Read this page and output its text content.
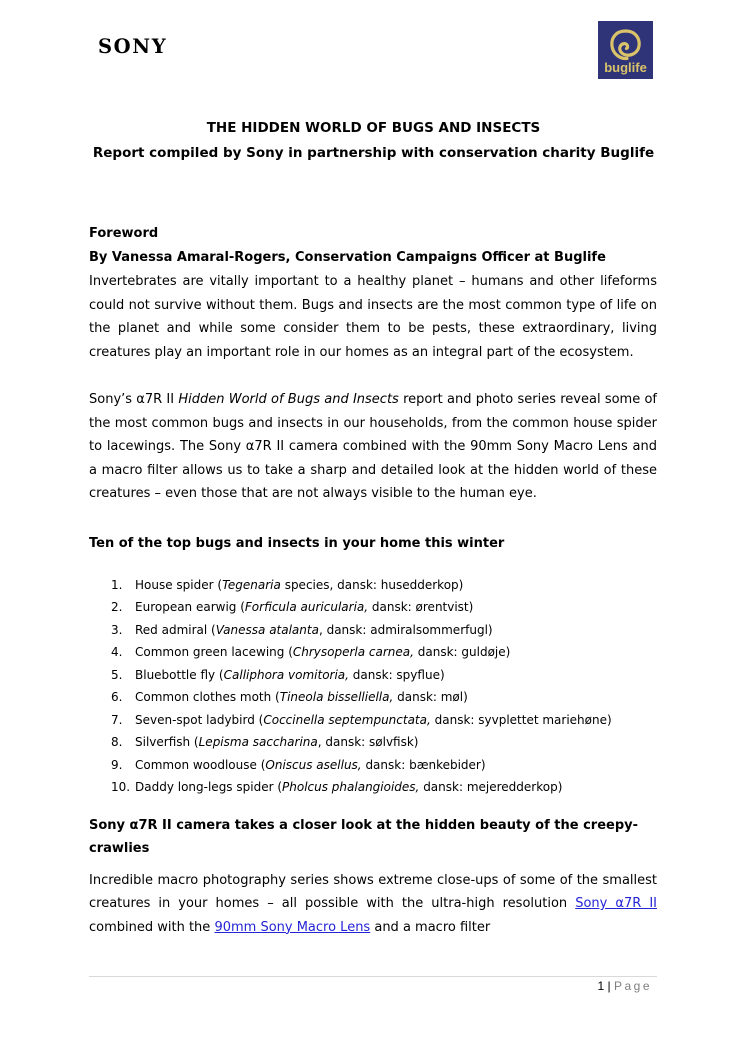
SONY
buglife
THE HIDDEN WORLD OF BUGS AND INSECTS
Report compiled by Sony in partnership with conservation charity Buglife
Foreword
By Vanessa Amaral-Rogers, Conservation Campaigns Officer at Buglife

Invertebrates are vitally important to a healthy planet – humans and other lifeforms could not survive without them. Bugs and insects are the most common type of life on the planet and while some consider them to be pests, these extraordinary, living creatures play an important role in our homes as an integral part of the ecosystem.

Sony’s α7R II Hidden World of Bugs and Insects report and photo series reveal some of the most common bugs and insects in our households, from the common house spider to lacewings. The Sony α7R II camera combined with the 90mm Sony Macro Lens and a macro filter allows us to take a sharp and detailed look at the hidden world of these creatures – even those that are not always visible to the human eye.

Ten of the top bugs and insects in your home this winter
1. House spider (Tegenaria species, dansk: husedderkop)
2. European earwig (Forficula auricularia, dansk: ørentvist)
3. Red admiral (Vanessa atalanta, dansk: admiralsommerfugl)
4. Common green lacewing (Chrysoperla carnea, dansk: guldøje)
5. Bluebottle fly (Calliphora vomitoria, dansk: spyflue)
6. Common clothes moth (Tineola bisselliella, dansk: møl)
7. Seven-spot ladybird (Coccinella septempunctata, dansk: syvplettet mariehøne)
8. Silverfish (Lepisma saccharina, dansk: sølvfisk)
9. Common woodlouse (Oniscus asellus, dansk: bænkebider)
10. Daddy long-legs spider (Pholcus phalangioides, dansk: mejeredderkop)
Sony α7R II camera takes a closer look at the hidden beauty of the creepy-crawlies

Incredible macro photography series shows extreme close-ups of some of the smallest creatures in your homes – all possible with the ultra-high resolution Sony α7R II combined with the 90mm Sony Macro Lens and a macro filter

1 | Page
